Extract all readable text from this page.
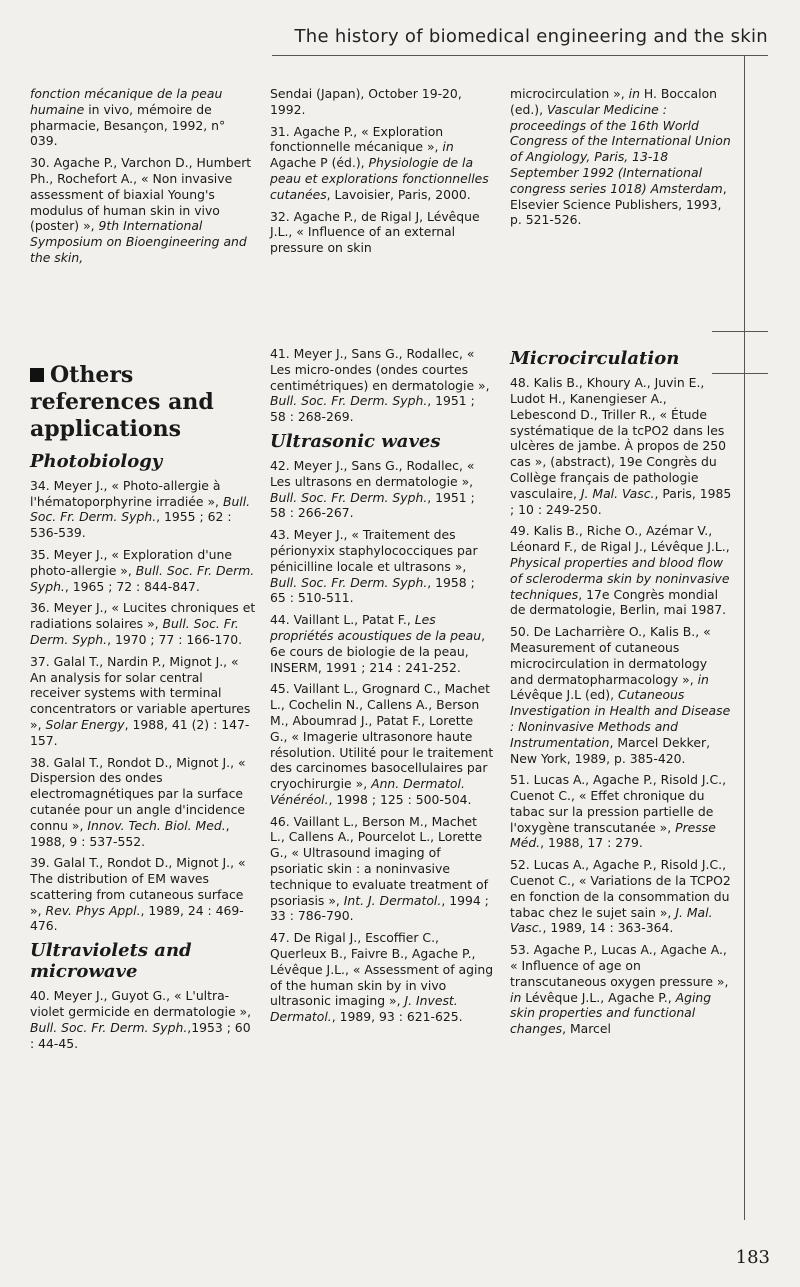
The history of biomedical engineering and the skin

fonction mécanique de la peau humaine in vivo, mémoire de pharmacie, Besançon, 1992, n° 039.

30. Agache P., Varchon D., Humbert Ph., Rochefort A., « Non invasive assessment of biaxial Young's modulus of human skin in vivo (poster) », 9th International Symposium on Bioengineering and the skin,

Others references and applications
Photobiology

34. Meyer J., « Photo-allergie à l'hématoporphyrine irradiée », Bull. Soc. Fr. Derm. Syph., 1955 ; 62 : 536-539.

35. Meyer J., « Exploration d'une photo-allergie », Bull. Soc. Fr. Derm. Syph., 1965 ; 72 : 844-847.

36. Meyer J., « Lucites chroniques et radiations solaires », Bull. Soc. Fr. Derm. Syph., 1970 ; 77 : 166-170.

37. Galal T., Nardin P., Mignot J., « An analysis for solar central receiver systems with terminal concentrators or variable apertures », Solar Energy, 1988, 41 (2) : 147-157.

38. Galal T., Rondot D., Mignot J., « Dispersion des ondes electromagnétiques par la surface cutanée pour un angle d'incidence connu », Innov. Tech. Biol. Med., 1988, 9 : 537-552.

39. Galal T., Rondot D., Mignot J., « The distribution of EM waves scattering from cutaneous surface », Rev. Phys Appl., 1989, 24 : 469-476.

Ultraviolets and microwave

40. Meyer J., Guyot G., « L'ultra-violet germicide en dermatologie », Bull. Soc. Fr. Derm. Syph.,1953 ; 60 : 44-45.

Sendai (Japan), October 19-20, 1992.

31. Agache P., « Exploration fonctionnelle mécanique », in Agache P (éd.), Physiologie de la peau et explorations fonctionnelles cutanées, Lavoisier, Paris, 2000.

32. Agache P., de Rigal J, Lévêque J.L., « Influence of an external pressure on skin

41. Meyer J., Sans G., Rodallec, « Les micro-ondes (ondes courtes centimétriques) en dermatologie », Bull. Soc. Fr. Derm. Syph., 1951 ; 58 : 268-269.

Ultrasonic waves

42. Meyer J., Sans G., Rodallec, « Les ultrasons en dermatologie », Bull. Soc. Fr. Derm. Syph., 1951 ; 58 : 266-267.

43. Meyer J., « Traitement des périonyxix staphylococciques par pénicilline locale et ultrasons », Bull. Soc. Fr. Derm. Syph., 1958 ; 65 : 510-511.

44. Vaillant L., Patat F., Les propriétés acoustiques de la peau, 6e cours de biologie de la peau, INSERM, 1991 ; 214 : 241-252.

45. Vaillant L., Grognard C., Machet L., Cochelin N., Callens A., Berson M., Aboumrad J., Patat F., Lorette G., « Imagerie ultrasonore haute résolution. Utilité pour le traitement des carcinomes basocellulaires par cryochirurgie », Ann. Dermatol. Vénéréol., 1998 ; 125 : 500-504.

46. Vaillant L., Berson M., Machet L., Callens A., Pourcelot L., Lorette G., « Ultrasound imaging of psoriatic skin : a noninvasive technique to evaluate treatment of psoriasis », Int. J. Dermatol., 1994 ; 33 : 786-790.

47. De Rigal J., Escoffier C., Querleux B., Faivre B., Agache P., Lévêque J.L., « Assessment of aging of the human skin by in vivo ultrasonic imaging », J. Invest. Dermatol., 1989, 93 : 621-625.

microcirculation », in H. Boccalon (ed.), Vascular Medicine : proceedings of the 16th World Congress of the International Union of Angiology, Paris, 13-18 September 1992 (International congress series 1018) Amsterdam, Elsevier Science Publishers, 1993, p. 521-526.

Microcirculation

48. Kalis B., Khoury A., Juvin E., Ludot H., Kanengieser A., Lebescond D., Triller R., « Étude systématique de la tcPO2 dans les ulcères de jambe. À propos de 250 cas », (abstract), 19e Congrès du Collège français de pathologie vasculaire, J. Mal. Vasc., Paris, 1985 ; 10 : 249-250.

49. Kalis B., Riche O., Azémar V., Léonard F., de Rigal J., Lévêque J.L., Physical properties and blood flow of scleroderma skin by noninvasive techniques, 17e Congrès mondial de dermatologie, Berlin, mai 1987.

50. De Lacharrière O., Kalis B., « Measurement of cutaneous microcirculation in dermatology and dermatopharmacology », in Lévêque J.L (ed), Cutaneous Investigation in Health and Disease : Noninvasive Methods and Instrumentation, Marcel Dekker, New York, 1989, p. 385-420.

51. Lucas A., Agache P., Risold J.C., Cuenot C., « Effet chronique du tabac sur la pression partielle de l'oxygène transcutanée », Presse Méd., 1988, 17 : 279.

52. Lucas A., Agache P., Risold J.C., Cuenot C., « Variations de la TCPO2 en fonction de la consommation du tabac chez le sujet sain », J. Mal. Vasc., 1989, 14 : 363-364.

53. Agache P., Lucas A., Agache A., « Influence of age on transcutaneous oxygen pressure », in Lévêque J.L., Agache P., Aging skin properties and functional changes, Marcel

183
